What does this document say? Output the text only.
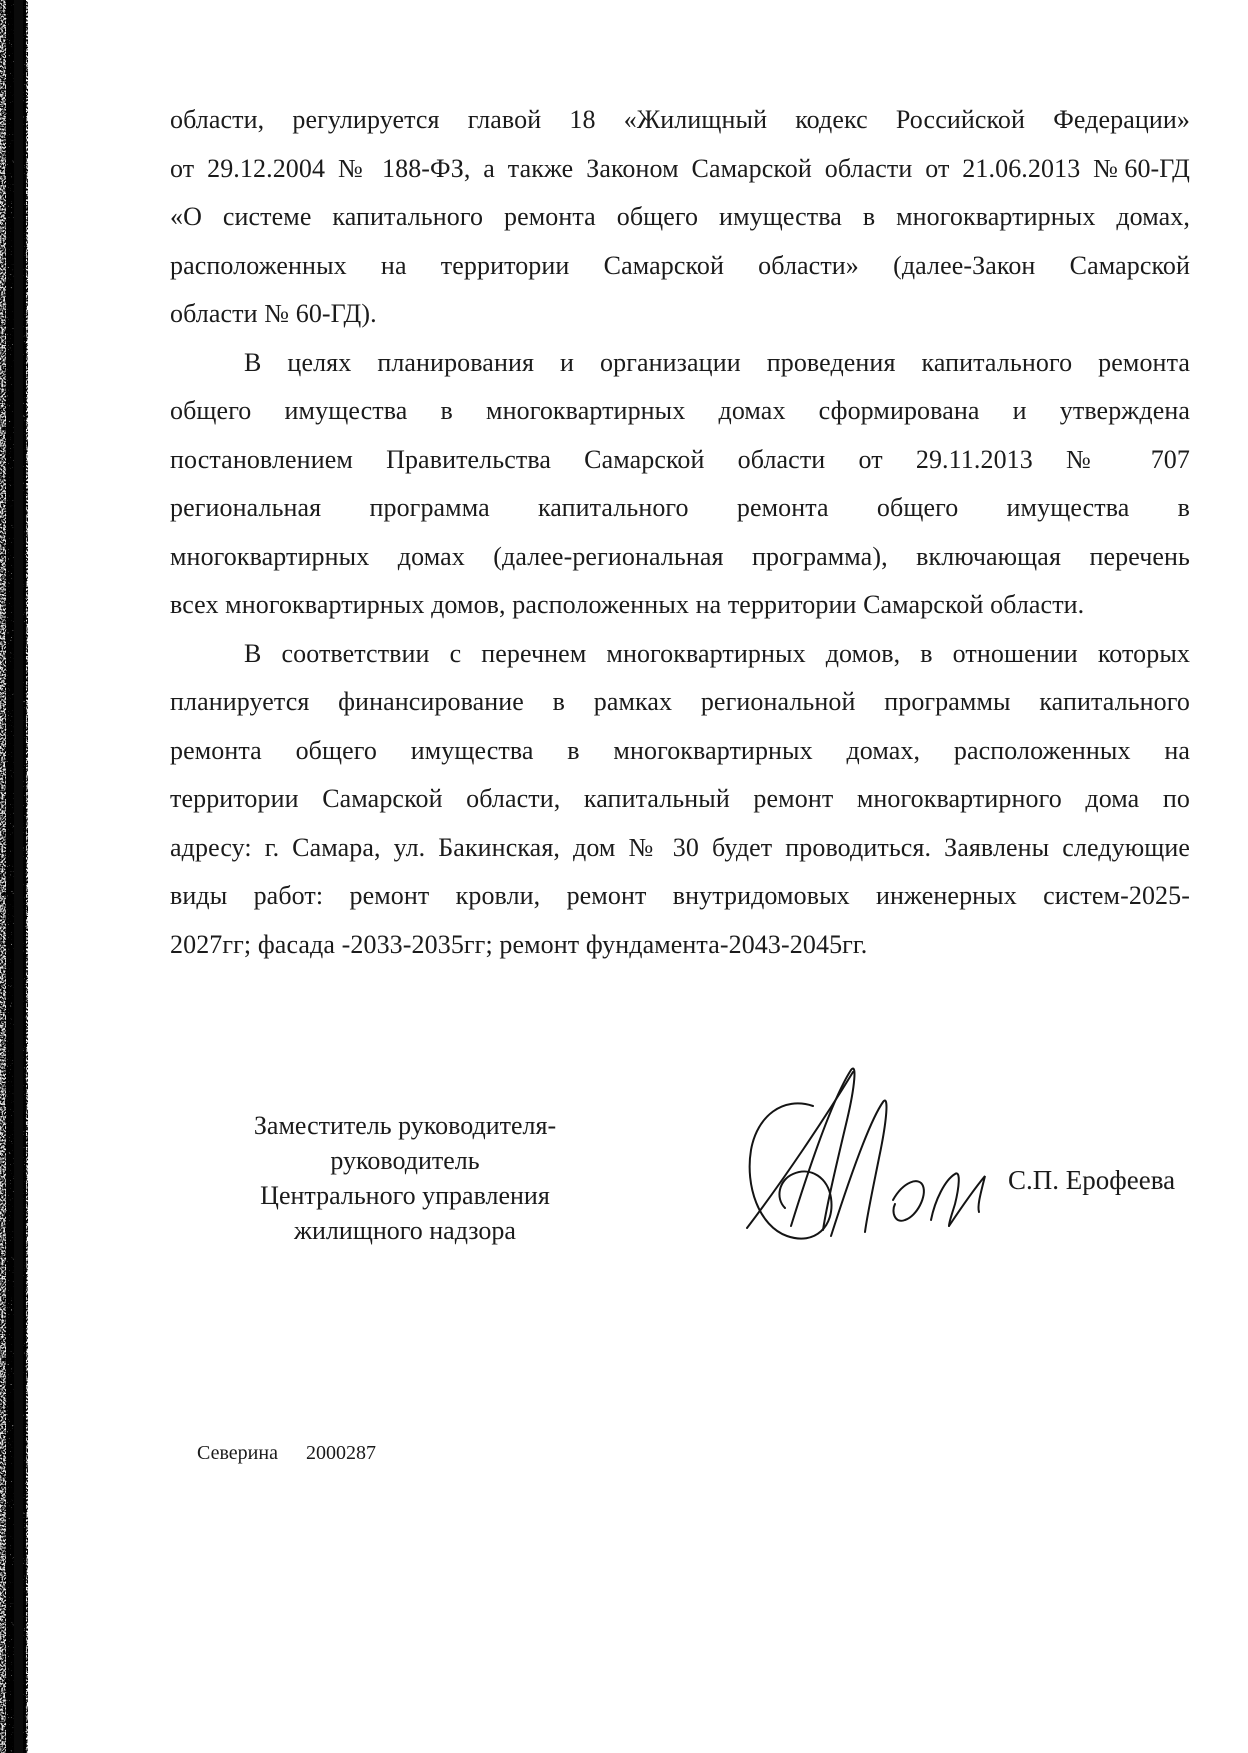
области, регулируется главой 18 «Жилищный кодекс Российской Федерации»
от 29.12.2004 № 188-ФЗ, а также Законом Самарской области от 21.06.2013 №60-ГД
«О системе капитального ремонта общего имущества в многоквартирных домах,
расположенных на территории Самарской области» (далее-Закон Самарской
области № 60-ГД).
В целях планирования и организации проведения капитального ремонта
общего имущества в многоквартирных домах сформирована и утверждена
постановлением Правительства Самарской области от 29.11.2013 № 707
региональная программа капитального ремонта общего имущества в
многоквартирных домах (далее-региональная программа), включающая перечень
всех многоквартирных домов, расположенных на территории Самарской области.
В соответствии с перечнем многоквартирных домов, в отношении которых
планируется финансирование в рамках региональной программы капитального
ремонта общего имущества в многоквартирных домах, расположенных на
территории Самарской области, капитальный ремонт многоквартирного дома по
адресу: г. Самара, ул. Бакинская, дом № 30 будет проводиться. Заявлены следующие
виды работ: ремонт кровли, ремонт внутридомовых инженерных систем-2025-
2027гг; фасада -2033-2035гг; ремонт фундамента-2043-2045гг.
Заместитель руководителя-руководитель
Центрального управления
жилищного надзора
С.П. Ерофеева
Северина 2000287
